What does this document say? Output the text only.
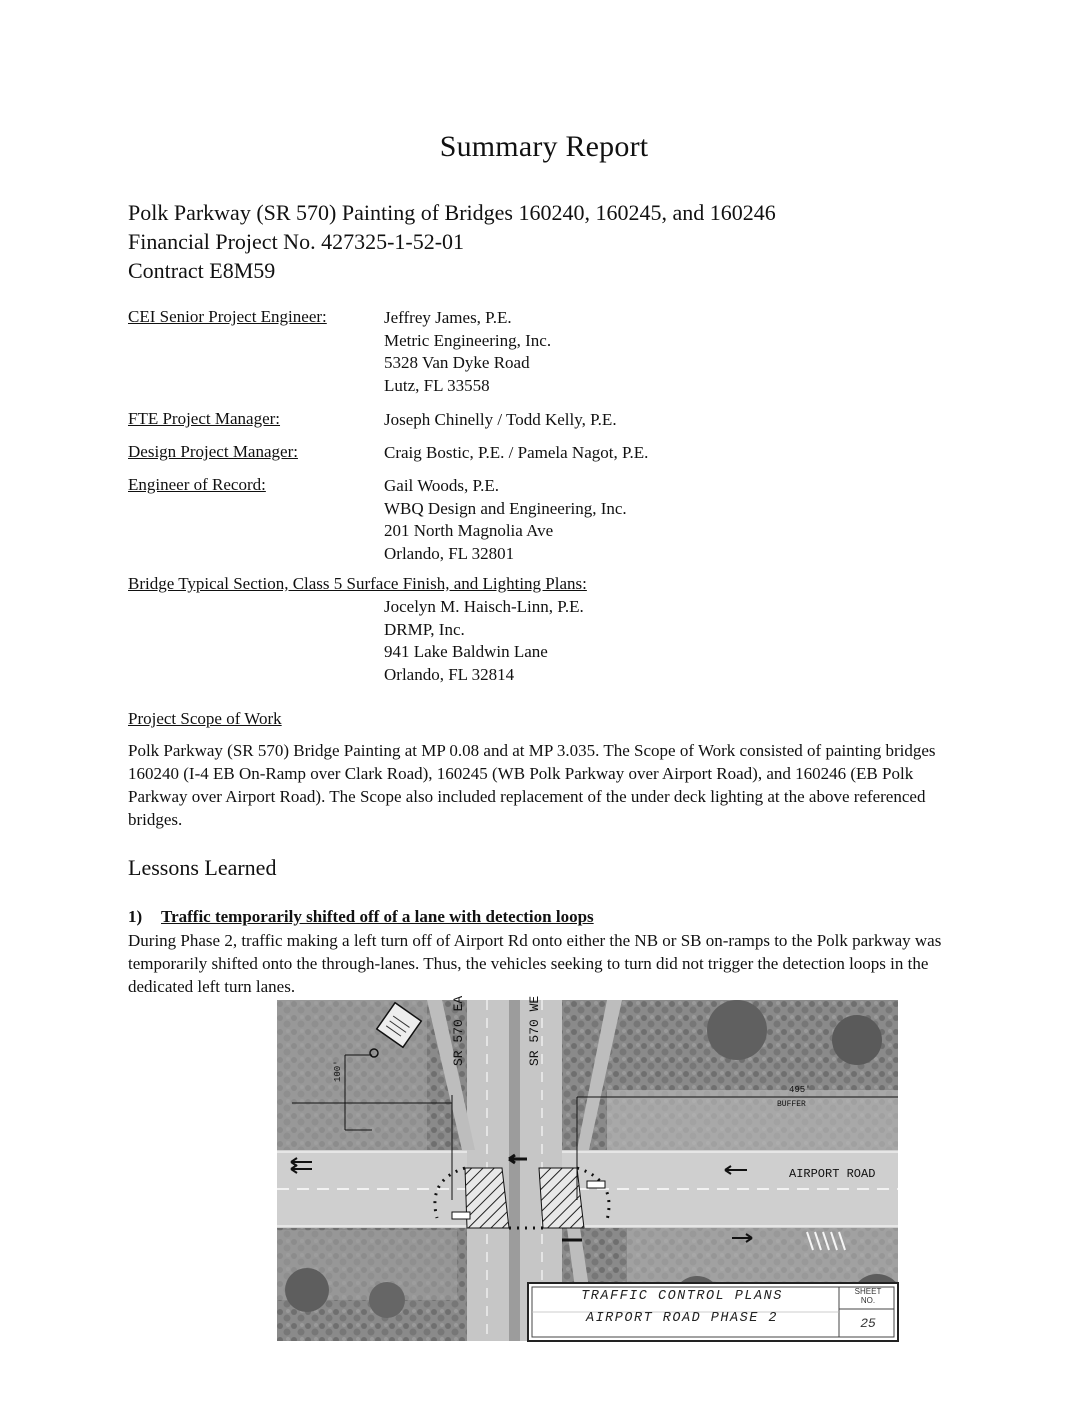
Summary Report
Polk Parkway (SR 570) Painting of Bridges 160240, 160245, and 160246
Financial Project No. 427325-1-52-01
Contract E8M59
CEI Senior Project Engineer:	Jeffrey James, P.E.
Metric Engineering, Inc.
5328 Van Dyke Road
Lutz, FL 33558
FTE Project Manager:	Joseph Chinelly / Todd Kelly, P.E.
Design Project Manager:	Craig Bostic, P.E. / Pamela Nagot, P.E.
Engineer of Record:	Gail Woods, P.E.
WBQ Design and Engineering, Inc.
201 North Magnolia Ave
Orlando, FL 32801
Bridge Typical Section, Class 5 Surface Finish, and Lighting Plans:
Jocelyn M. Haisch-Linn, P.E.
DRMP, Inc.
941 Lake Baldwin Lane
Orlando, FL 32814
Project Scope of Work
Polk Parkway (SR 570) Bridge Painting at MP 0.08 and at MP 3.035. The Scope of Work consisted of painting bridges 160240 (I-4 EB On-Ramp over Clark Road), 160245 (WB Polk Parkway over Airport Road), and 160246 (EB Polk Parkway over Airport Road). The Scope also included replacement of the under deck lighting at the above referenced bridges.
Lessons Learned
1) Traffic temporarily shifted off of a lane with detection loops
During Phase 2, traffic making a left turn off of Airport Rd onto either the NB or SB on-ramps to the Polk parkway was temporarily shifted onto the through-lanes. Thus, the vehicles seeking to turn did not trigger the detection loops in the dedicated left turn lanes.
SR 570 EA	SR 570 WE
AIRPORT ROAD
495'
BUFFER
100'
TRAFFIC CONTROL PLANS
AIRPORT ROAD PHASE 2
SHEET
NO.
25
